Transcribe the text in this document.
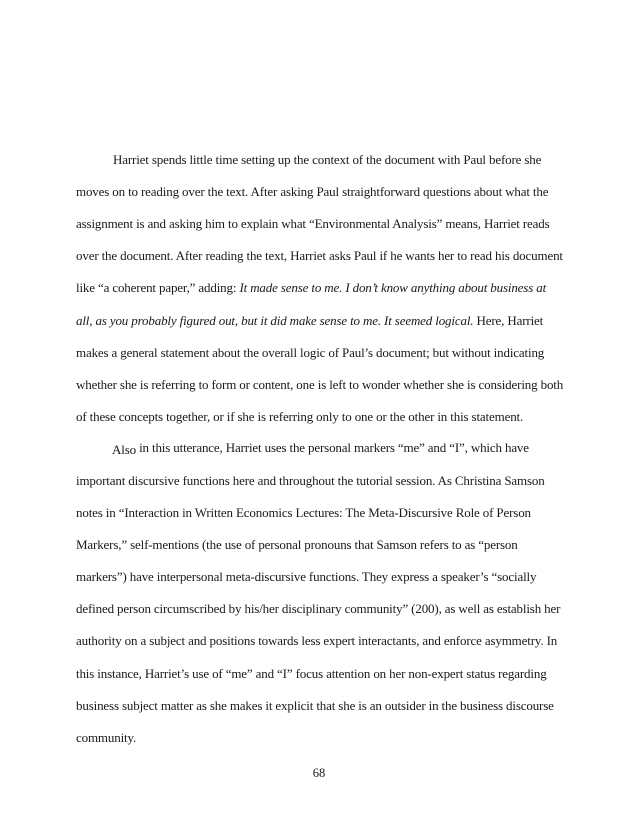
Harriet spends little time setting up the context of the document with Paul before she
moves on to reading over the text. After asking Paul straightforward questions about what the
assignment is and asking him to explain what “Environmental Analysis” means, Harriet reads
over the document. After reading the text, Harriet asks Paul if he wants her to read his document
like “a coherent paper,” adding: It made sense to me. I don’t know anything about business at
all, as you probably figured out, but it did make sense to me. It seemed logical. Here, Harriet
makes a general statement about the overall logic of Paul’s document; but without indicating
whether she is referring to form or content, one is left to wonder whether she is considering both
of these concepts together, or if she is referring only to one or the other in this statement.
Also in this utterance, Harriet uses the personal markers “me” and “I”, which have
important discursive functions here and throughout the tutorial session. As Christina Samson
notes in “Interaction in Written Economics Lectures: The Meta-Discursive Role of Person
Markers,” self-mentions (the use of personal pronouns that Samson refers to as “person
markers”) have interpersonal meta-discursive functions. They express a speaker’s “socially
defined person circumscribed by his/her disciplinary community” (200), as well as establish her
authority on a subject and positions towards less expert interactants, and enforce asymmetry. In
this instance, Harriet’s use of “me” and “I” focus attention on her non-expert status regarding
business subject matter as she makes it explicit that she is an outsider in the business discourse
community.
68
